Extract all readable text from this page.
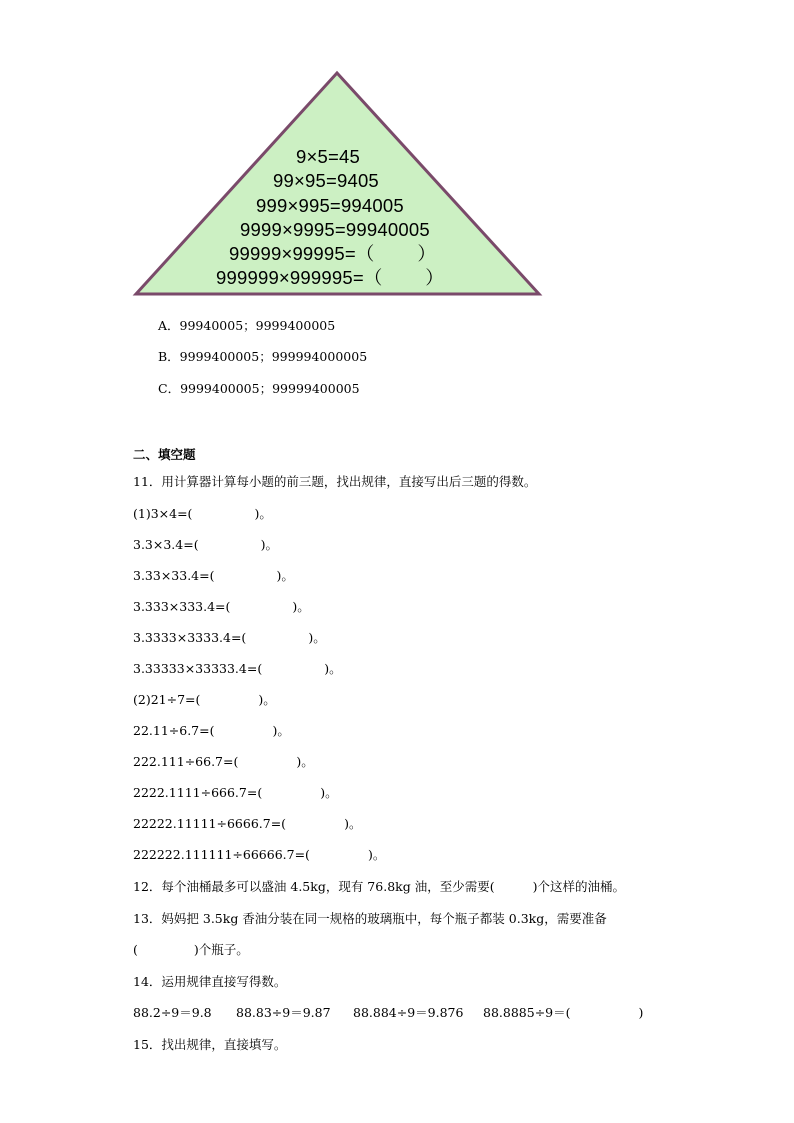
9×5=45
99×95=9405
999×995=994005
9999×9995=99940005
99999×99995=（        ）
999999×999995=（        ）
A．99940005；9999400005
B．9999400005；999994000005
C．9999400005；99999400005
二、填空题
11．用计算器计算每小题的前三题，找出规律，直接写出后三题的得数。
(1)3×4=(	)。
3.3×3.4=(	)。
3.33×33.4=(	)。
3.333×333.4=(	)。
3.3333×3333.4=(	)。
3.33333×33333.4=(	)。
(2)21÷7=(	)。
22.11÷6.7=(	)。
222.111÷66.7=(	)。
2222.1111÷666.7=(	)。
22222.11111÷6666.7=(	)。
222222.111111÷66666.7=(	)。
12．每个油桶最多可以盛油 4.5kg，现有 76.8kg 油，至少需要(	)个这样的油桶。
13．妈妈把 3.5kg 香油分装在同一规格的玻璃瓶中，每个瓶子都装 0.3kg，需要准备
(	)个瓶子。
14．运用规律直接写得数。
88.2÷9＝9.8 88.83÷9＝9.87 88.884÷9＝9.876 88.8885÷9＝(	)
15．找出规律，直接填写。
